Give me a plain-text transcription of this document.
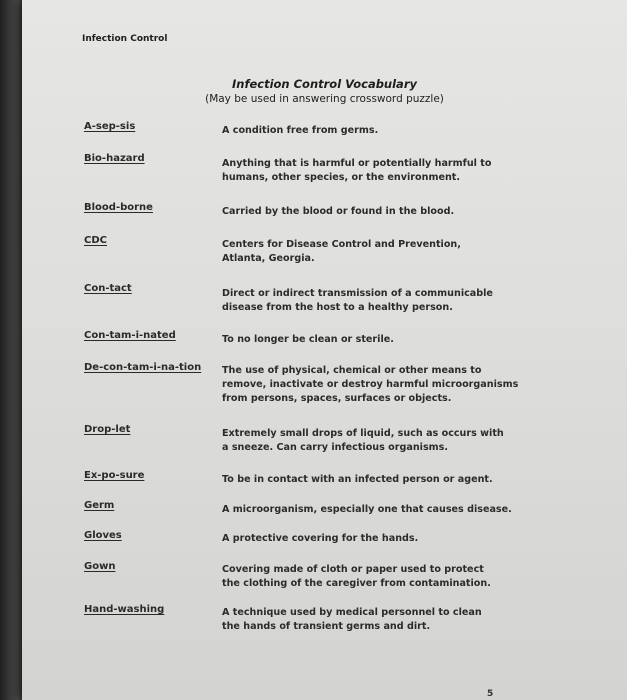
Infection Control
Infection Control Vocabulary
(May be used in answering crossword puzzle)
A-sep-sis	A condition free from germs.
Bio-hazard	Anything that is harmful or potentially harmful to humans, other species, or the environment.
Blood-borne	Carried by the blood or found in the blood.
CDC	Centers for Disease Control and Prevention, Atlanta, Georgia.
Con-tact	Direct or indirect transmission of a communicable disease from the host to a healthy person.
Con-tam-i-nated	To no longer be clean or sterile.
De-con-tam-i-na-tion The use of physical, chemical or other means to remove, inactivate or destroy harmful microorganisms from persons, spaces, surfaces or objects.
Drop-let	Extremely small drops of liquid, such as occurs with a sneeze. Can carry infectious organisms.
Ex-po-sure	To be in contact with an infected person or agent.
Germ	A microorganism, especially one that causes disease.
Gloves	A protective covering for the hands.
Gown	Covering made of cloth or paper used to protect the clothing of the caregiver from contamination.
Hand-washing	A technique used by medical personnel to clean the hands of transient germs and dirt.
5
